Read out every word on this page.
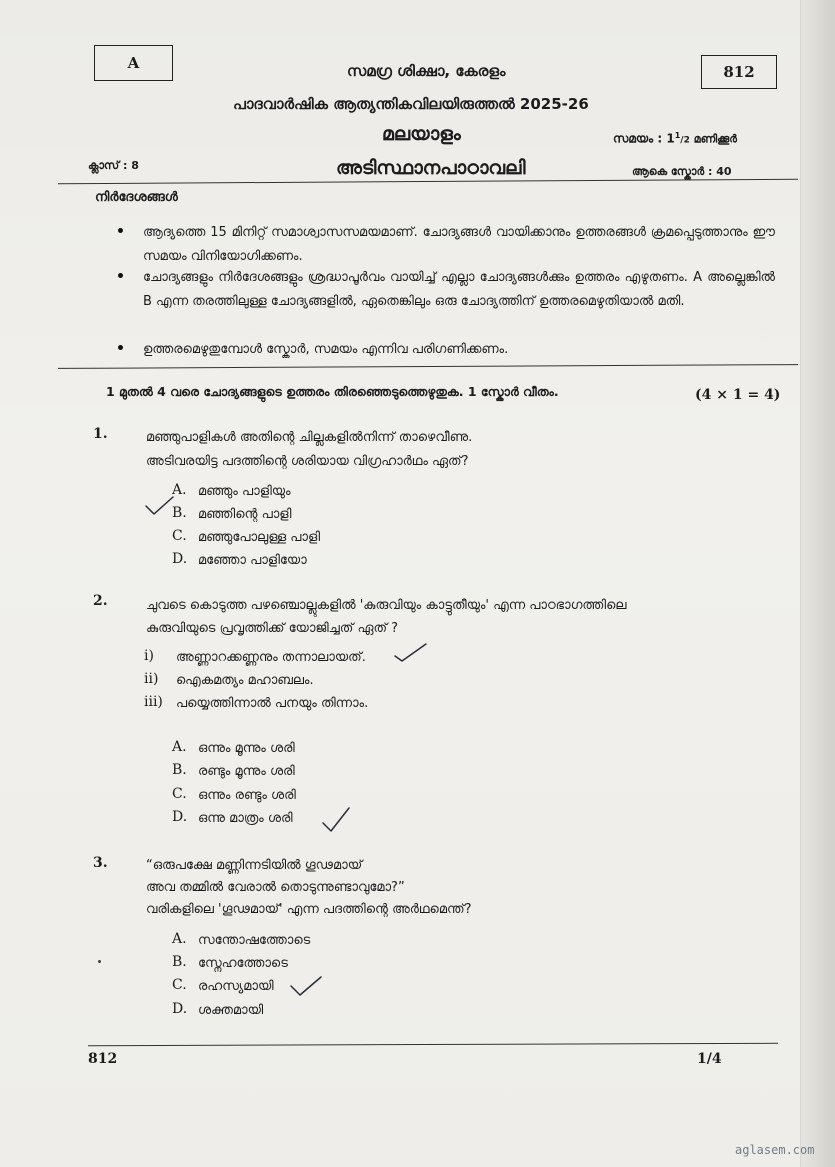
A	812
സമഗ്ര ശിക്ഷാ, കേരളം
പാദവാർഷിക ആത്യന്തികവിലയിരുത്തൽ 2025-26
മലയാളം	സമയം : $1^1/2$ മണിക്കൂർ
ക്ലാസ് : 8	അടിസ്ഥാനപാഠാവലി	ആകെ സ്കോർ : 40
നിർദേശങ്ങൾ
ആദ്യത്തെ 15 മിനിറ്റ് സമാശ്വാസസമയമാണ്. ചോദ്യങ്ങൾ വായിക്കാനും ഉത്തരങ്ങൾ ക്രമപ്പെടുത്താനും ഈ സമയം വിനിയോഗിക്കണം.
ചോദ്യങ്ങളും നിർദേശങ്ങളും ശ്രദ്ധാപൂർവം വായിച്ച് എല്ലാ ചോദ്യങ്ങൾക്കും ഉത്തരം എഴുതണം. A അല്ലെങ്കിൽ B എന്ന തരത്തിലുള്ള ചോദ്യങ്ങളിൽ, ഏതെങ്കിലും ഒരു ചോദ്യത്തിന് ഉത്തരമെഴുതിയാൽ മതി.
ഉത്തരമെഴുതുമ്പോൾ സ്കോർ, സമയം എന്നിവ പരിഗണിക്കണം.
1 മുതൽ 4 വരെ ചോദ്യങ്ങളുടെ ഉത്തരം തിരഞ്ഞെടുത്തെഴുതുക. 1 സ്കോർ വീതം.	(4 × 1 = 4)
1.	മഞ്ഞുപാളികൾ അതിന്റെ ചില്ലകളിൽനിന്ന് താഴെവീണു.
അടിവരയിട്ട പദത്തിന്റെ ശരിയായ വിഗ്രഹാർഥം ഏത്?
A. മഞ്ഞും പാളിയും
B. മഞ്ഞിന്റെ പാളി
C. മഞ്ഞുപോലുള്ള പാളി
D. മഞ്ഞോ പാളിയോ
2.	ചുവടെ കൊടുത്ത പഴഞ്ചൊല്ലുകളിൽ 'കുരുവിയും കാട്ടുതീയും' എന്ന പാഠഭാഗത്തിലെ
കുരുവിയുടെ പ്രവൃത്തിക്ക് യോജിച്ചത് ഏത് ?
i) അണ്ണാറക്കണ്ണനും തന്നാലായത്.
ii) ഐകമത്യം മഹാബലം.
iii) പയ്യെത്തിന്നാൽ പനയും തിന്നാം.
A. ഒന്നും മൂന്നും ശരി
B. രണ്ടും മൂന്നും ശരി
C. ഒന്നും രണ്ടും ശരി
D. ഒന്നു മാത്രം ശരി
3.	“ഒരുപക്ഷേ മണ്ണിന്നടിയിൽ ഗൂഢമായ്
അവ തമ്മിൽ വേരാൽ തൊടുന്നുണ്ടാവുമോ?”
വരികളിലെ 'ഗൂഢമായ്' എന്ന പദത്തിന്റെ അർഥമെന്ത്?
A. സന്തോഷത്തോടെ
B. സ്നേഹത്തോടെ
C. രഹസ്യമായി
D. ശക്തമായി
812	1/4
aglasem.com
